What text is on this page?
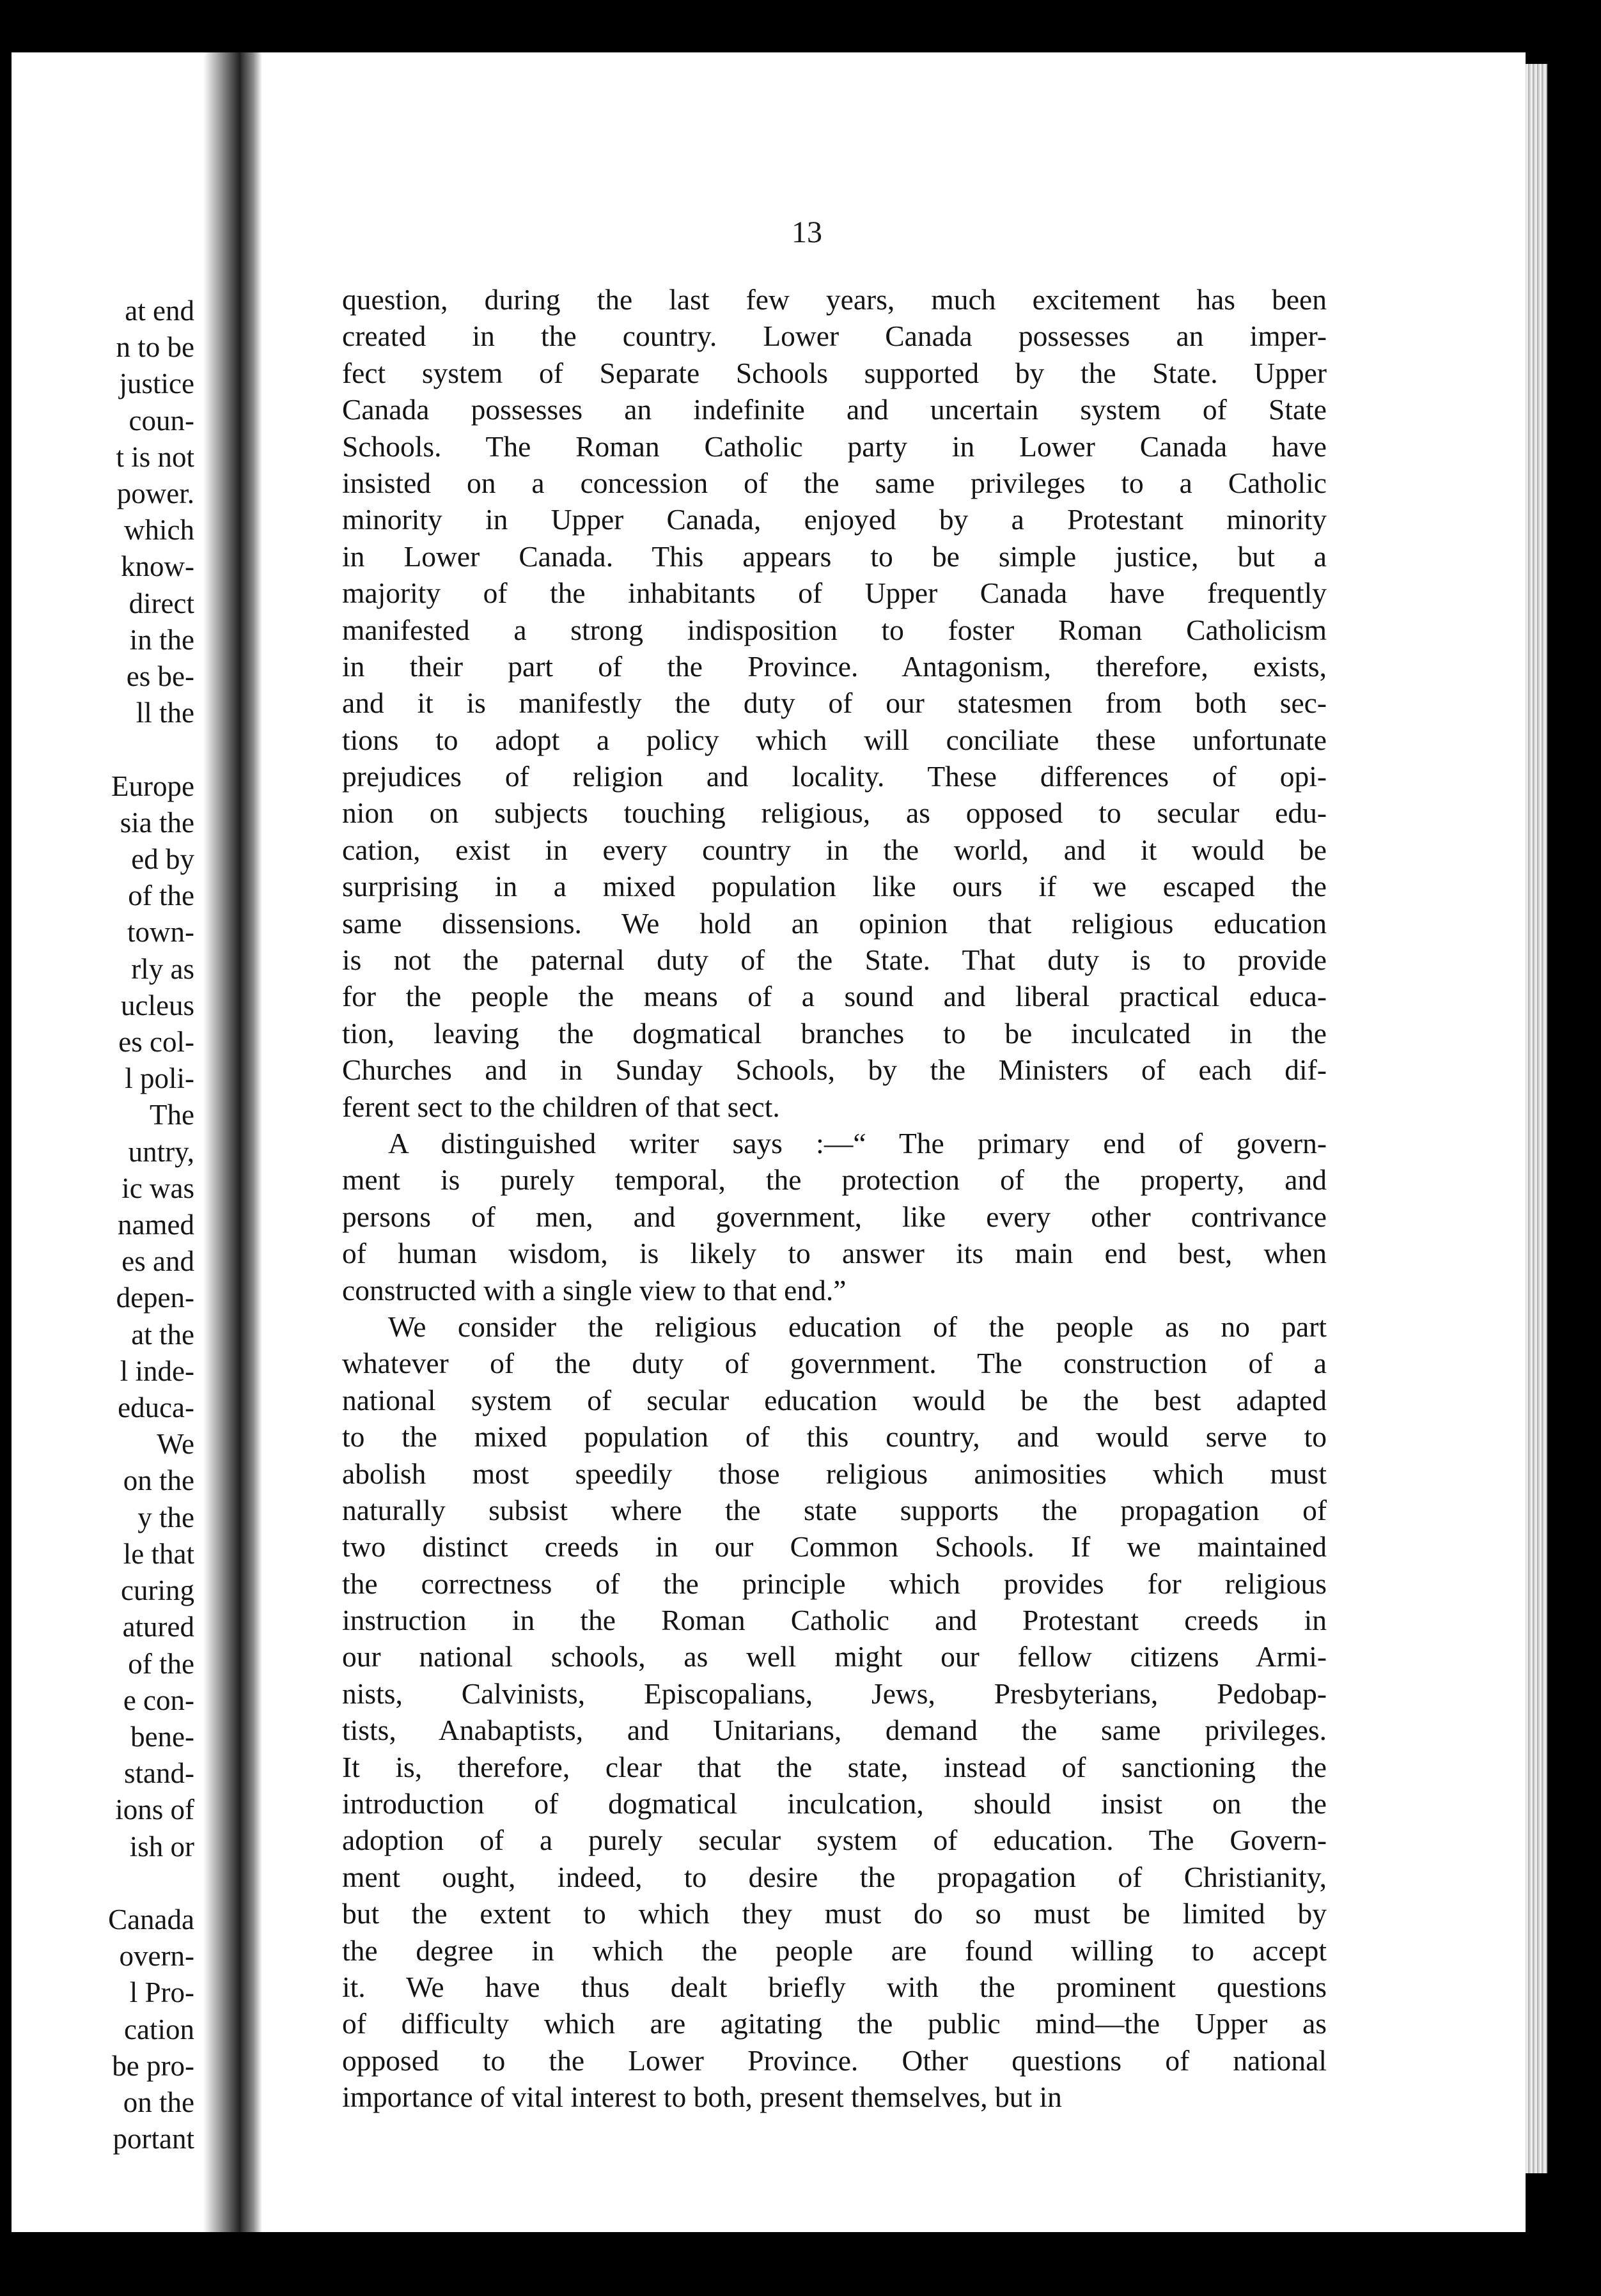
at end
n to be
justice
coun-
t is not
power.
which
know-
direct
in the
es be-
ll the
Europe
sia the
ed by
of the
town-
rly as
ucleus
es col-
l poli-
The
untry,
ic was
named
es and
depen-
at the
l inde-
educa-
We
on the
y the
le that
curing
atured
of the
e con-
bene-
stand-
ions of
ish or
Canada
overn-
l Pro-
cation
be pro-
on the
portant
13

question, during the last few years, much excitement has been
created in the country. Lower Canada possesses an imper-
fect system of Separate Schools supported by the State. Upper
Canada possesses an indefinite and uncertain system of State
Schools. The Roman Catholic party in Lower Canada have
insisted on a concession of the same privileges to a Catholic
minority in Upper Canada, enjoyed by a Protestant minority
in Lower Canada. This appears to be simple justice, but a
majority of the inhabitants of Upper Canada have frequently
manifested a strong indisposition to foster Roman Catholicism
in their part of the Province. Antagonism, therefore, exists,
and it is manifestly the duty of our statesmen from both sec-
tions to adopt a policy which will conciliate these unfortunate
prejudices of religion and locality. These differences of opi-
nion on subjects touching religious, as opposed to secular edu-
cation, exist in every country in the world, and it would be
surprising in a mixed population like ours if we escaped the
same dissensions. We hold an opinion that religious education
is not the paternal duty of the State. That duty is to provide
for the people the means of a sound and liberal practical educa-
tion, leaving the dogmatical branches to be inculcated in the
Churches and in Sunday Schools, by the Ministers of each dif-
ferent sect to the children of that sect.

A distinguished writer says :—“ The primary end of govern-
ment is purely temporal, the protection of the property, and
persons of men, and government, like every other contrivance
of human wisdom, is likely to answer its main end best, when
constructed with a single view to that end.”

We consider the religious education of the people as no part
whatever of the duty of government. The construction of a
national system of secular education would be the best adapted
to the mixed population of this country, and would serve to
abolish most speedily those religious animosities which must
naturally subsist where the state supports the propagation of
two distinct creeds in our Common Schools. If we maintained
the correctness of the principle which provides for religious
instruction in the Roman Catholic and Protestant creeds in
our national schools, as well might our fellow citizens Armi-
nists, Calvinists, Episcopalians, Jews, Presbyterians, Pedobap-
tists, Anabaptists, and Unitarians, demand the same privileges.
It is, therefore, clear that the state, instead of sanctioning the
introduction of dogmatical inculcation, should insist on the
adoption of a purely secular system of education. The Govern-
ment ought, indeed, to desire the propagation of Christianity,
but the extent to which they must do so must be limited by
the degree in which the people are found willing to accept
it. We have thus dealt briefly with the prominent questions
of difficulty which are agitating the public mind—the Upper as
opposed to the Lower Province. Other questions of national
importance of vital interest to both, present themselves, but in
